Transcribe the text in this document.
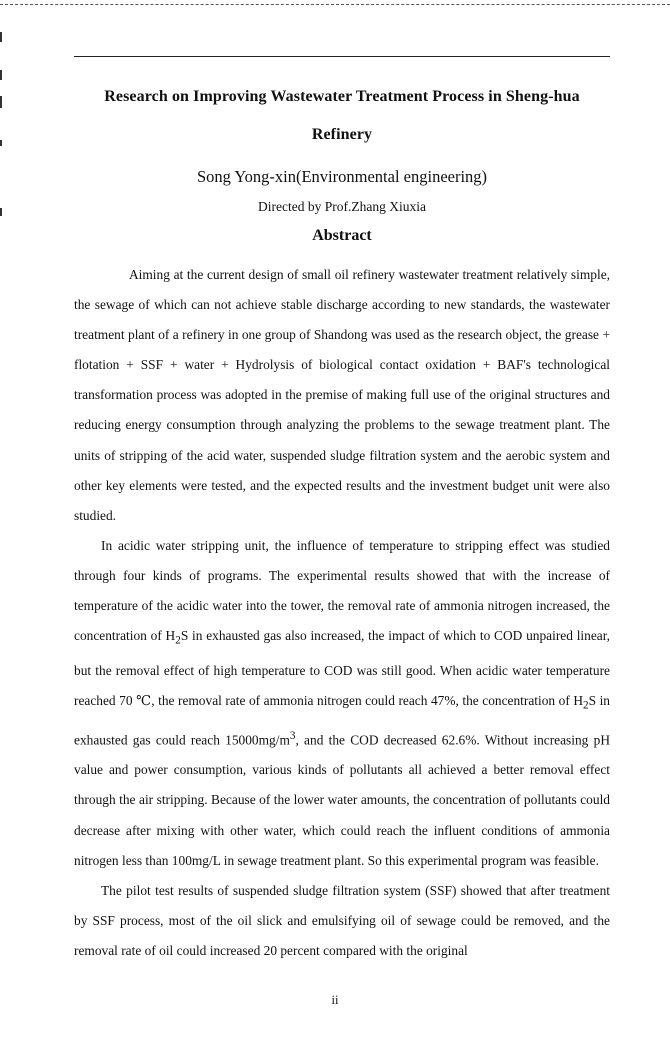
Research on Improving Wastewater Treatment Process in Sheng-hua
Refinery
Song Yong-xin(Environmental engineering)
Directed by Prof.Zhang Xiuxia
Abstract

Aiming at the current design of small oil refinery wastewater treatment relatively simple, the sewage of which can not achieve stable discharge according to new standards, the wastewater treatment plant of a refinery in one group of Shandong was used as the research object, the grease + flotation + SSF + water + Hydrolysis of biological contact oxidation + BAF's technological transformation process was adopted in the premise of making full use of the original structures and reducing energy consumption through analyzing the problems to the sewage treatment plant. The units of stripping of the acid water, suspended sludge filtration system and the aerobic system and other key elements were tested, and the expected results and the investment budget unit were also studied.

In acidic water stripping unit, the influence of temperature to stripping effect was studied through four kinds of programs. The experimental results showed that with the increase of temperature of the acidic water into the tower, the removal rate of ammonia nitrogen increased, the concentration of $H_2S$ in exhausted gas also increased, the impact of which to COD unpaired linear, but the removal effect of high temperature to COD was still good. When acidic water temperature reached 70 ℃, the removal rate of ammonia nitrogen could reach 47%, the concentration of $H_2S$ in exhausted gas could reach $15000mg/m^3$, and the COD decreased 62.6%. Without increasing pH value and power consumption, various kinds of pollutants all achieved a better removal effect through the air stripping. Because of the lower water amounts, the concentration of pollutants could decrease after mixing with other water, which could reach the influent conditions of ammonia nitrogen less than 100mg/L in sewage treatment plant. So this experimental program was feasible.

The pilot test results of suspended sludge filtration system (SSF) showed that after treatment by SSF process, most of the oil slick and emulsifying oil of sewage could be removed, and the removal rate of oil could increased 20 percent compared with the original

ii
